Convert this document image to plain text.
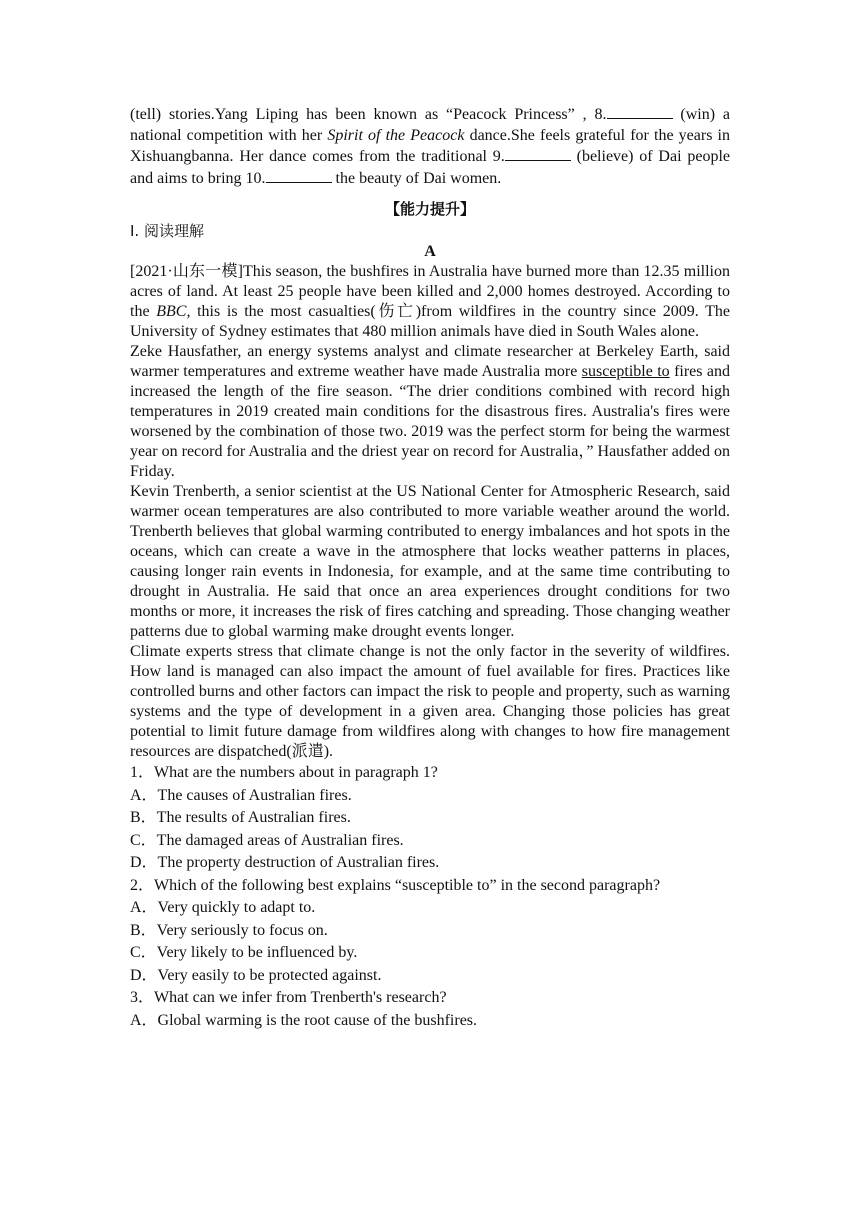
(tell) stories.Yang Liping has been known as “Peacock Princess” , 8.	(win) a national competition with her Spirit of the Peacock dance.She feels grateful for the years in Xishuangbanna. Her dance comes from the traditional 9.	(believe) of Dai people and aims to bring 10.	the beauty of Dai women.

【能力提升】

Ⅰ. 阅读理解

A

[2021·山东一模]This season, the bushfires in Australia have burned more than 12.35 million acres of land. At least 25 people have been killed and 2,000 homes destroyed. According to the BBC, this is the most casualties(伤亡)from wildfires in the country since 2009. The University of Sydney estimates that 480 million animals have died in South Wales alone.

Zeke Hausfather, an energy systems analyst and climate researcher at Berkeley Earth, said warmer temperatures and extreme weather have made Australia more susceptible to fires and increased the length of the fire season. “The drier conditions combined with record high temperatures in 2019 created main conditions for the disastrous fires. Australia's fires were worsened by the combination of those two. 2019 was the perfect storm for being the warmest year on record for Australia and the driest year on record for Australia，” Hausfather added on Friday.

Kevin Trenberth, a senior scientist at the US National Center for Atmospheric Research, said warmer ocean temperatures are also contributed to more variable weather around the world. Trenberth believes that global warming contributed to energy imbalances and hot spots in the oceans, which can create a wave in the atmosphere that locks weather patterns in places, causing longer rain events in Indonesia, for example, and at the same time contributing to drought in Australia. He said that once an area experiences drought conditions for two months or more, it increases the risk of fires catching and spreading. Those changing weather patterns due to global warming make drought events longer.

Climate experts stress that climate change is not the only factor in the severity of wildfires. How land is managed can also impact the amount of fuel available for fires. Practices like controlled burns and other factors can impact the risk to people and property, such as warning systems and the type of development in a given area. Changing those policies has great potential to limit future damage from wildfires along with changes to how fire management resources are dispatched(派遣).

1．What are the numbers about in paragraph 1?

A．The causes of Australian fires.

B．The results of Australian fires.

C．The damaged areas of Australian fires.

D．The property destruction of Australian fires.

2．Which of the following best explains “susceptible to” in the second paragraph?

A．Very quickly to adapt to.

B．Very seriously to focus on.

C．Very likely to be influenced by.

D．Very easily to be protected against.

3．What can we infer from Trenberth's research?

A．Global warming is the root cause of the bushfires.
